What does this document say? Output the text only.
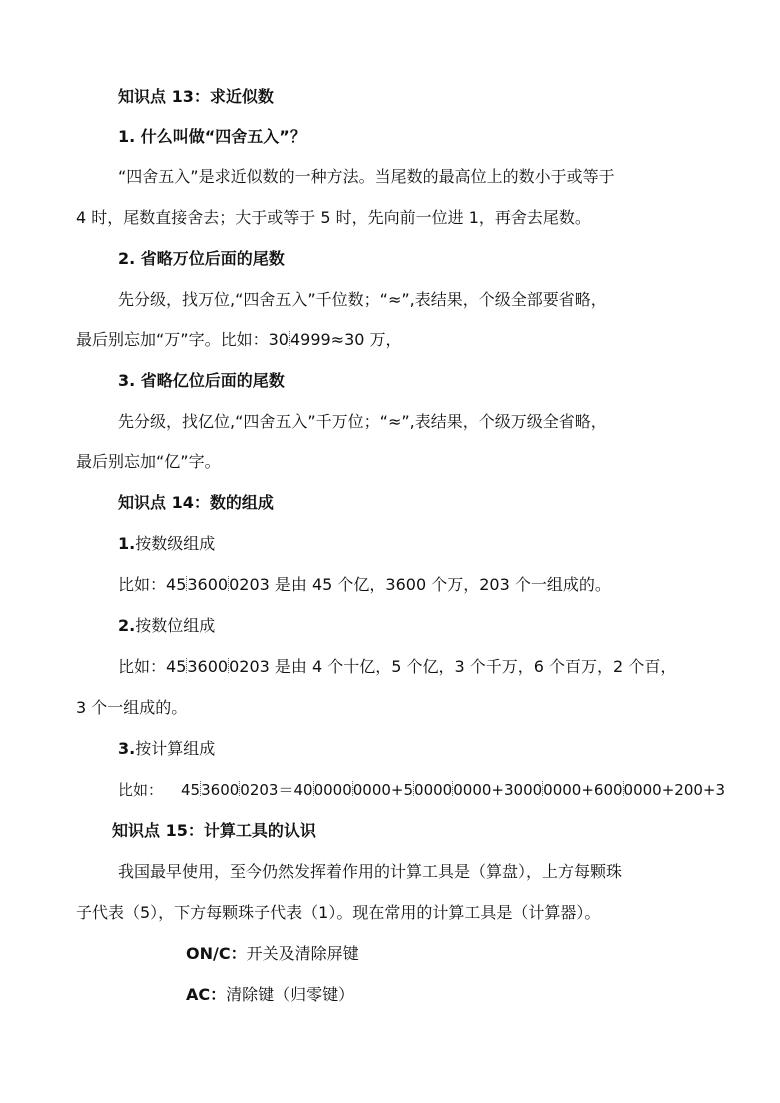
知识点 13：求近似数
1. 什么叫做“四舍五入”？
“四舍五入”是求近似数的一种方法。当尾数的最高位上的数小于或等于
4 时，尾数直接舍去；大于或等于 5 时，先向前一位进 1，再舍去尾数。
2. 省略万位后面的尾数
先分级，找万位,“四舍五入”千位数；“≈”,表结果，个级全部要省略，
最后别忘加“万”字。比如：304999≈30 万，
3. 省略亿位后面的尾数
先分级，找亿位,“四舍五入”千万位；“≈”,表结果，个级万级全省略，
最后别忘加“亿”字。
知识点 14：数的组成
1.按数级组成
比如：4536000203 是由 45 个亿，3600 个万，203 个一组成的。
2.按数位组成
比如：4536000203 是由 4 个十亿，5 个亿，3 个千万，6 个百万，2 个百，
3 个一组成的。
3.按计算组成
比如： 4536000203＝4000000000+500000000+30000000+6000000+200+3
知识点 15：计算工具的认识
我国最早使用，至今仍然发挥着作用的计算工具是（算盘），上方每颗珠
子代表（5），下方每颗珠子代表（1）。现在常用的计算工具是（计算器）。
ON/C：开关及清除屏键
AC：清除键（归零键）
